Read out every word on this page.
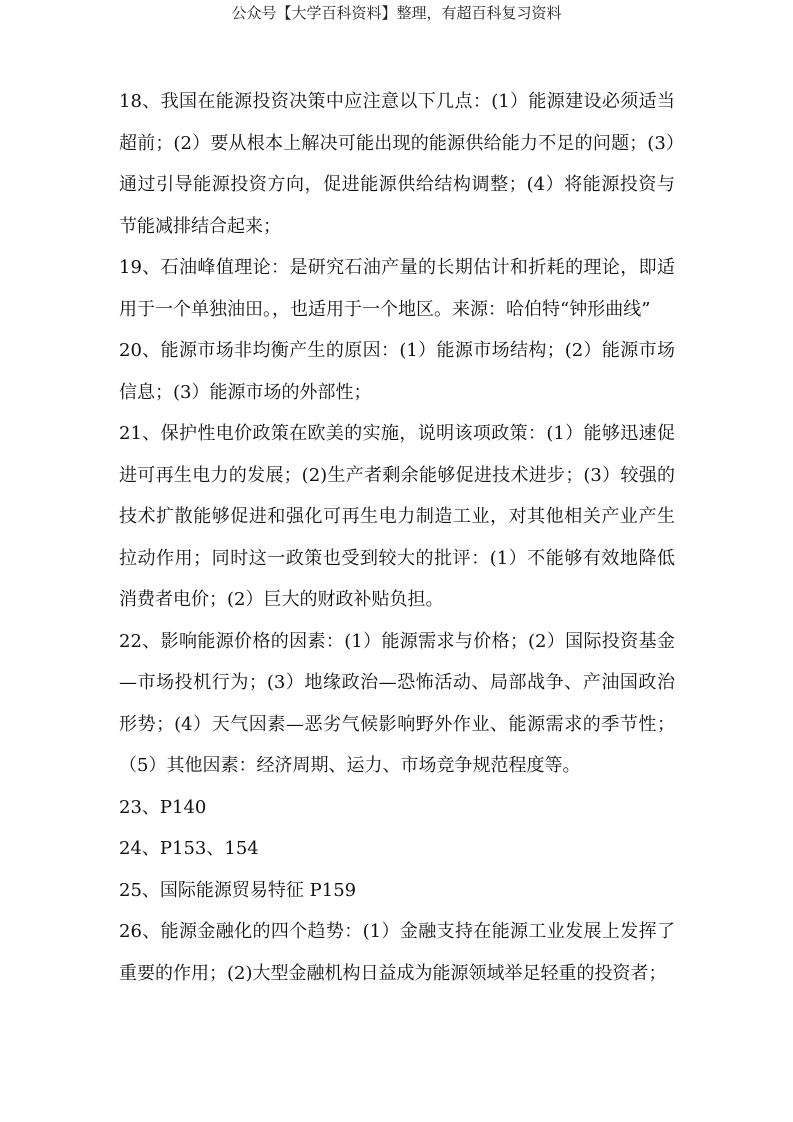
公众号【大学百科资料】整理，有超百科复习资料

18、我国在能源投资决策中应注意以下几点：(1）能源建设必须适当超前；(2）要从根本上解决可能出现的能源供给能力不足的问题；(3）通过引导能源投资方向，促进能源供给结构调整；(4）将能源投资与节能减排结合起来；

19、石油峰值理论：是研究石油产量的长期估计和折耗的理论，即适用于一个单独油田。，也适用于一个地区。来源：哈伯特“钟形曲线”

20、能源市场非均衡产生的原因：(1）能源市场结构；(2）能源市场信息；(3）能源市场的外部性；

21、保护性电价政策在欧美的实施，说明该项政策：(1）能够迅速促进可再生电力的发展；(2)生产者剩余能够促进技术进步；(3）较强的技术扩散能够促进和强化可再生电力制造工业，对其他相关产业产生拉动作用；同时这一政策也受到较大的批评：(1）不能够有效地降低消费者电价；(2）巨大的财政补贴负担。

22、影响能源价格的因素：(1）能源需求与价格；(2）国际投资基金—市场投机行为；(3）地缘政治—恐怖活动、局部战争、产油国政治形势；(4）天气因素—恶劣气候影响野外作业、能源需求的季节性；（5）其他因素：经济周期、运力、市场竞争规范程度等。

23、P140

24、P153、154

25、国际能源贸易特征 P159

26、能源金融化的四个趋势：(1）金融支持在能源工业发展上发挥了重要的作用；(2)大型金融机构日益成为能源领域举足轻重的投资者；
